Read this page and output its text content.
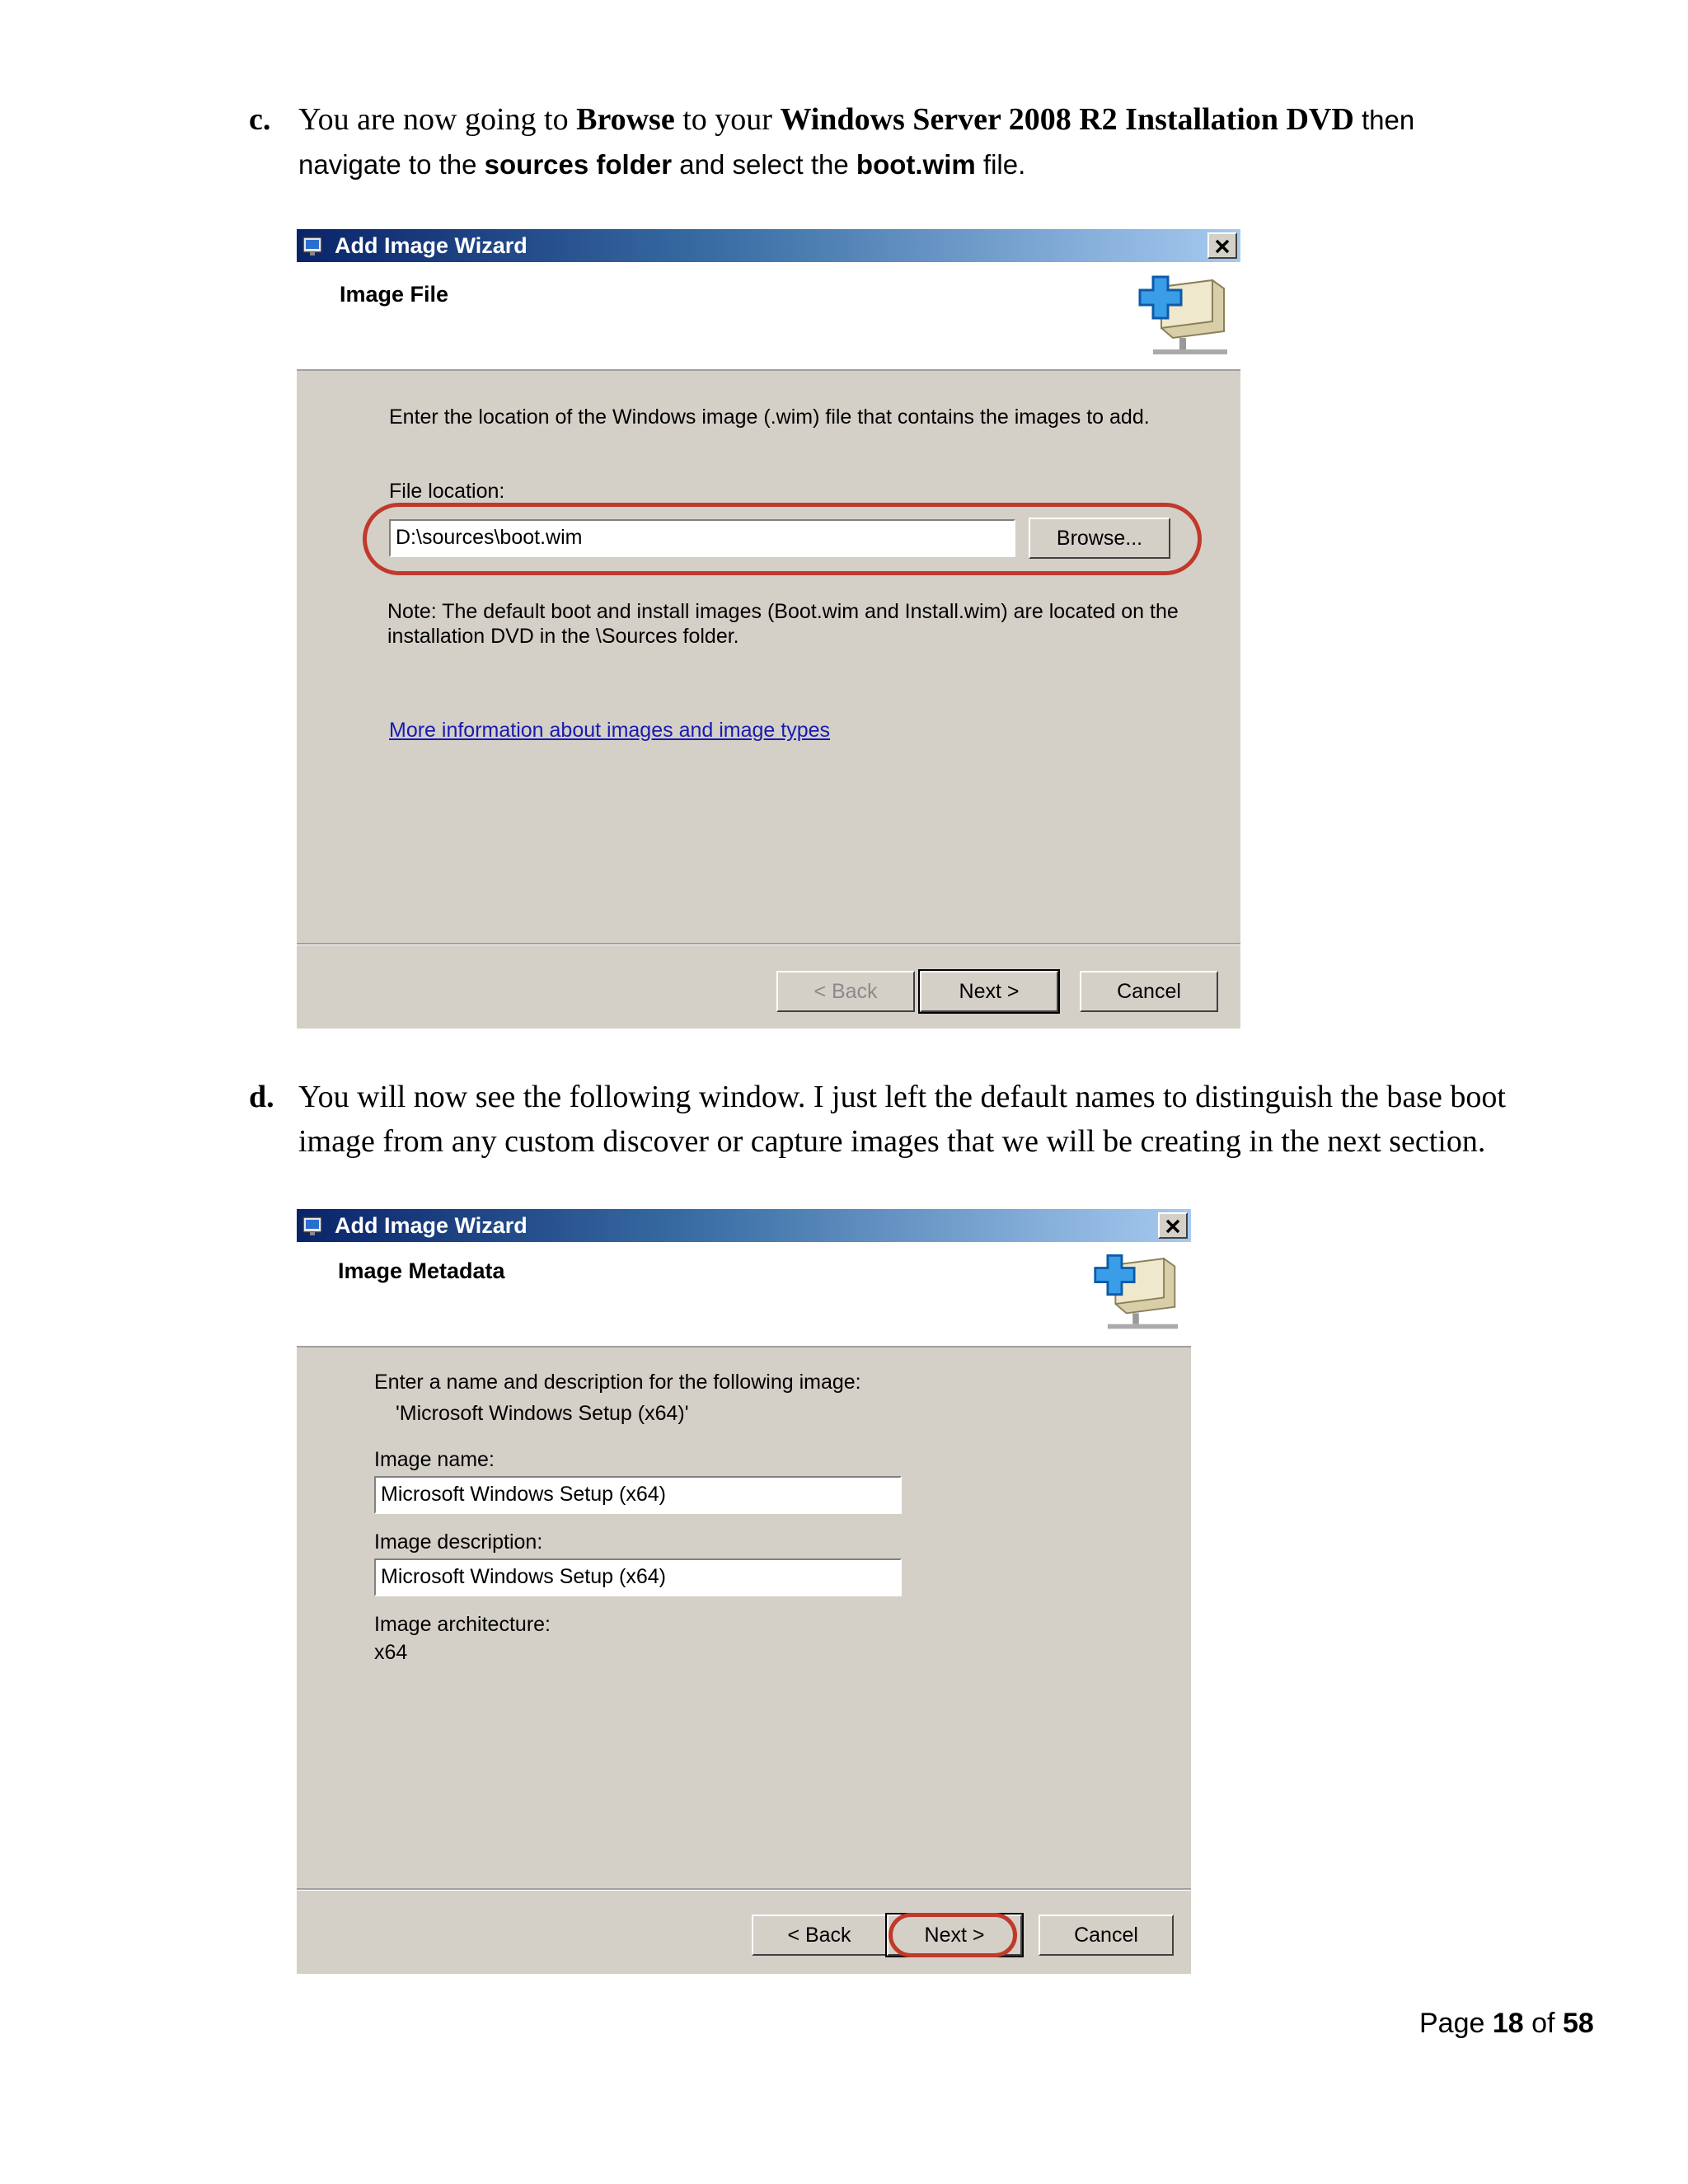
c. You are now going to Browse to your Windows Server 2008 R2 Installation DVD then
navigate to the sources folder and select the boot.wim file.
Add Image Wizard
Image File
Enter the location of the Windows image (.wim) file that contains the images to add.
File location:
D:\sources\boot.wim	Browse...
Note: The default boot and install images (Boot.wim and Install.wim) are located on the
installation DVD in the \Sources folder.
More information about images and image types
< Back	Next >	Cancel
d. You will now see the following window. I just left the default names to distinguish the base boot
image from any custom discover or capture images that we will be creating in the next section.
Add Image Wizard
Image Metadata
Enter a name and description for the following image:
'Microsoft Windows Setup (x64)'
Image name:
Microsoft Windows Setup (x64)
Image description:
Microsoft Windows Setup (x64)
Image architecture:
x64
< Back	Next >	Cancel
Page 18 of 58
